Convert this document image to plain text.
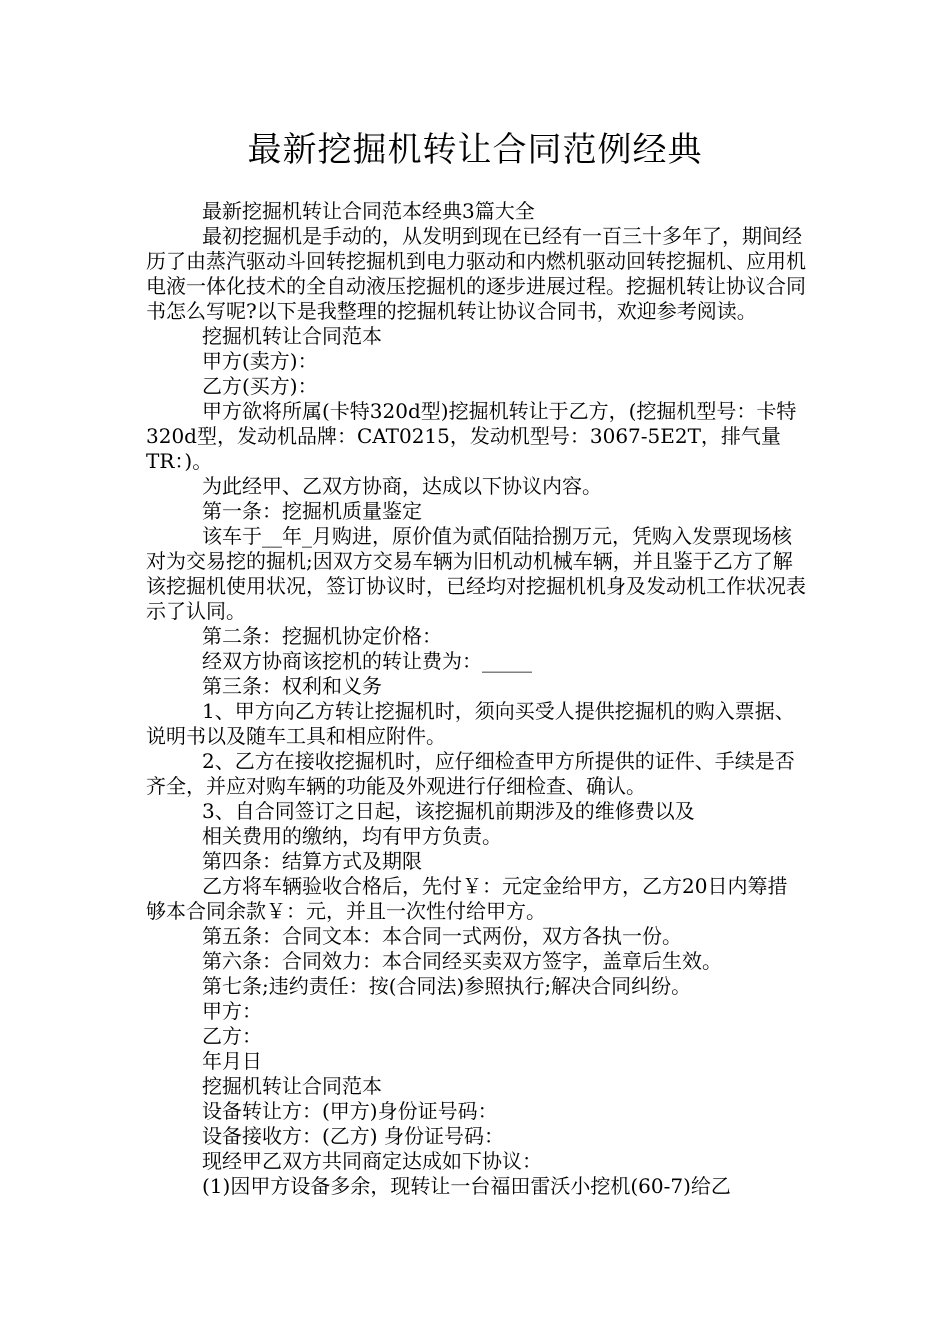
最新挖掘机转让合同范例经典

最新挖掘机转让合同范本经典3篇大全

最初挖掘机是手动的，从发明到现在已经有一百三十多年了，期间经历了由蒸汽驱动斗回转挖掘机到电力驱动和内燃机驱动回转挖掘机、应用机电液一体化技术的全自动液压挖掘机的逐步进展过程。挖掘机转让协议合同书怎么写呢?以下是我整理的挖掘机转让协议合同书，欢迎参考阅读。

挖掘机转让合同范本

甲方(卖方)：

乙方(买方)：

甲方欲将所属(卡特320d型)挖掘机转让于乙方，(挖掘机型号：卡特320d型，发动机品牌：CAT0215，发动机型号：3067-5E2T，排气量TR：)。

为此经甲、乙双方协商，达成以下协议内容。

第一条：挖掘机质量鉴定

该车于__年_月购进，原价值为贰佰陆拾捌万元，凭购入发票现场核对为交易挖的掘机;因双方交易车辆为旧机动机械车辆，并且鉴于乙方了解该挖掘机使用状况，签订协议时，已经均对挖掘机机身及发动机工作状况表示了认同。

第二条：挖掘机协定价格：

经双方协商该挖机的转让费为：_____

第三条：权利和义务

1、甲方向乙方转让挖掘机时，须向买受人提供挖掘机的购入票据、说明书以及随车工具和相应附件。

2、乙方在接收挖掘机时，应仔细检查甲方所提供的证件、手续是否齐全，并应对购车辆的功能及外观进行仔细检查、确认。

3、自合同签订之日起，该挖掘机前期涉及的维修费以及

相关费用的缴纳，均有甲方负责。

第四条：结算方式及期限

乙方将车辆验收合格后，先付￥：元定金给甲方，乙方20日内筹措够本合同余款￥：元，并且一次性付给甲方。

第五条：合同文本：本合同一式两份，双方各执一份。

第六条：合同效力：本合同经买卖双方签字，盖章后生效。

第七条;违约责任：按(合同法)参照执行;解决合同纠纷。

甲方：

乙方：

年月日

挖掘机转让合同范本

设备转让方：(甲方)身份证号码：

设备接收方：(乙方) 身份证号码：

现经甲乙双方共同商定达成如下协议：

(1)因甲方设备多余，现转让一台福田雷沃小挖机(60-7)给乙
